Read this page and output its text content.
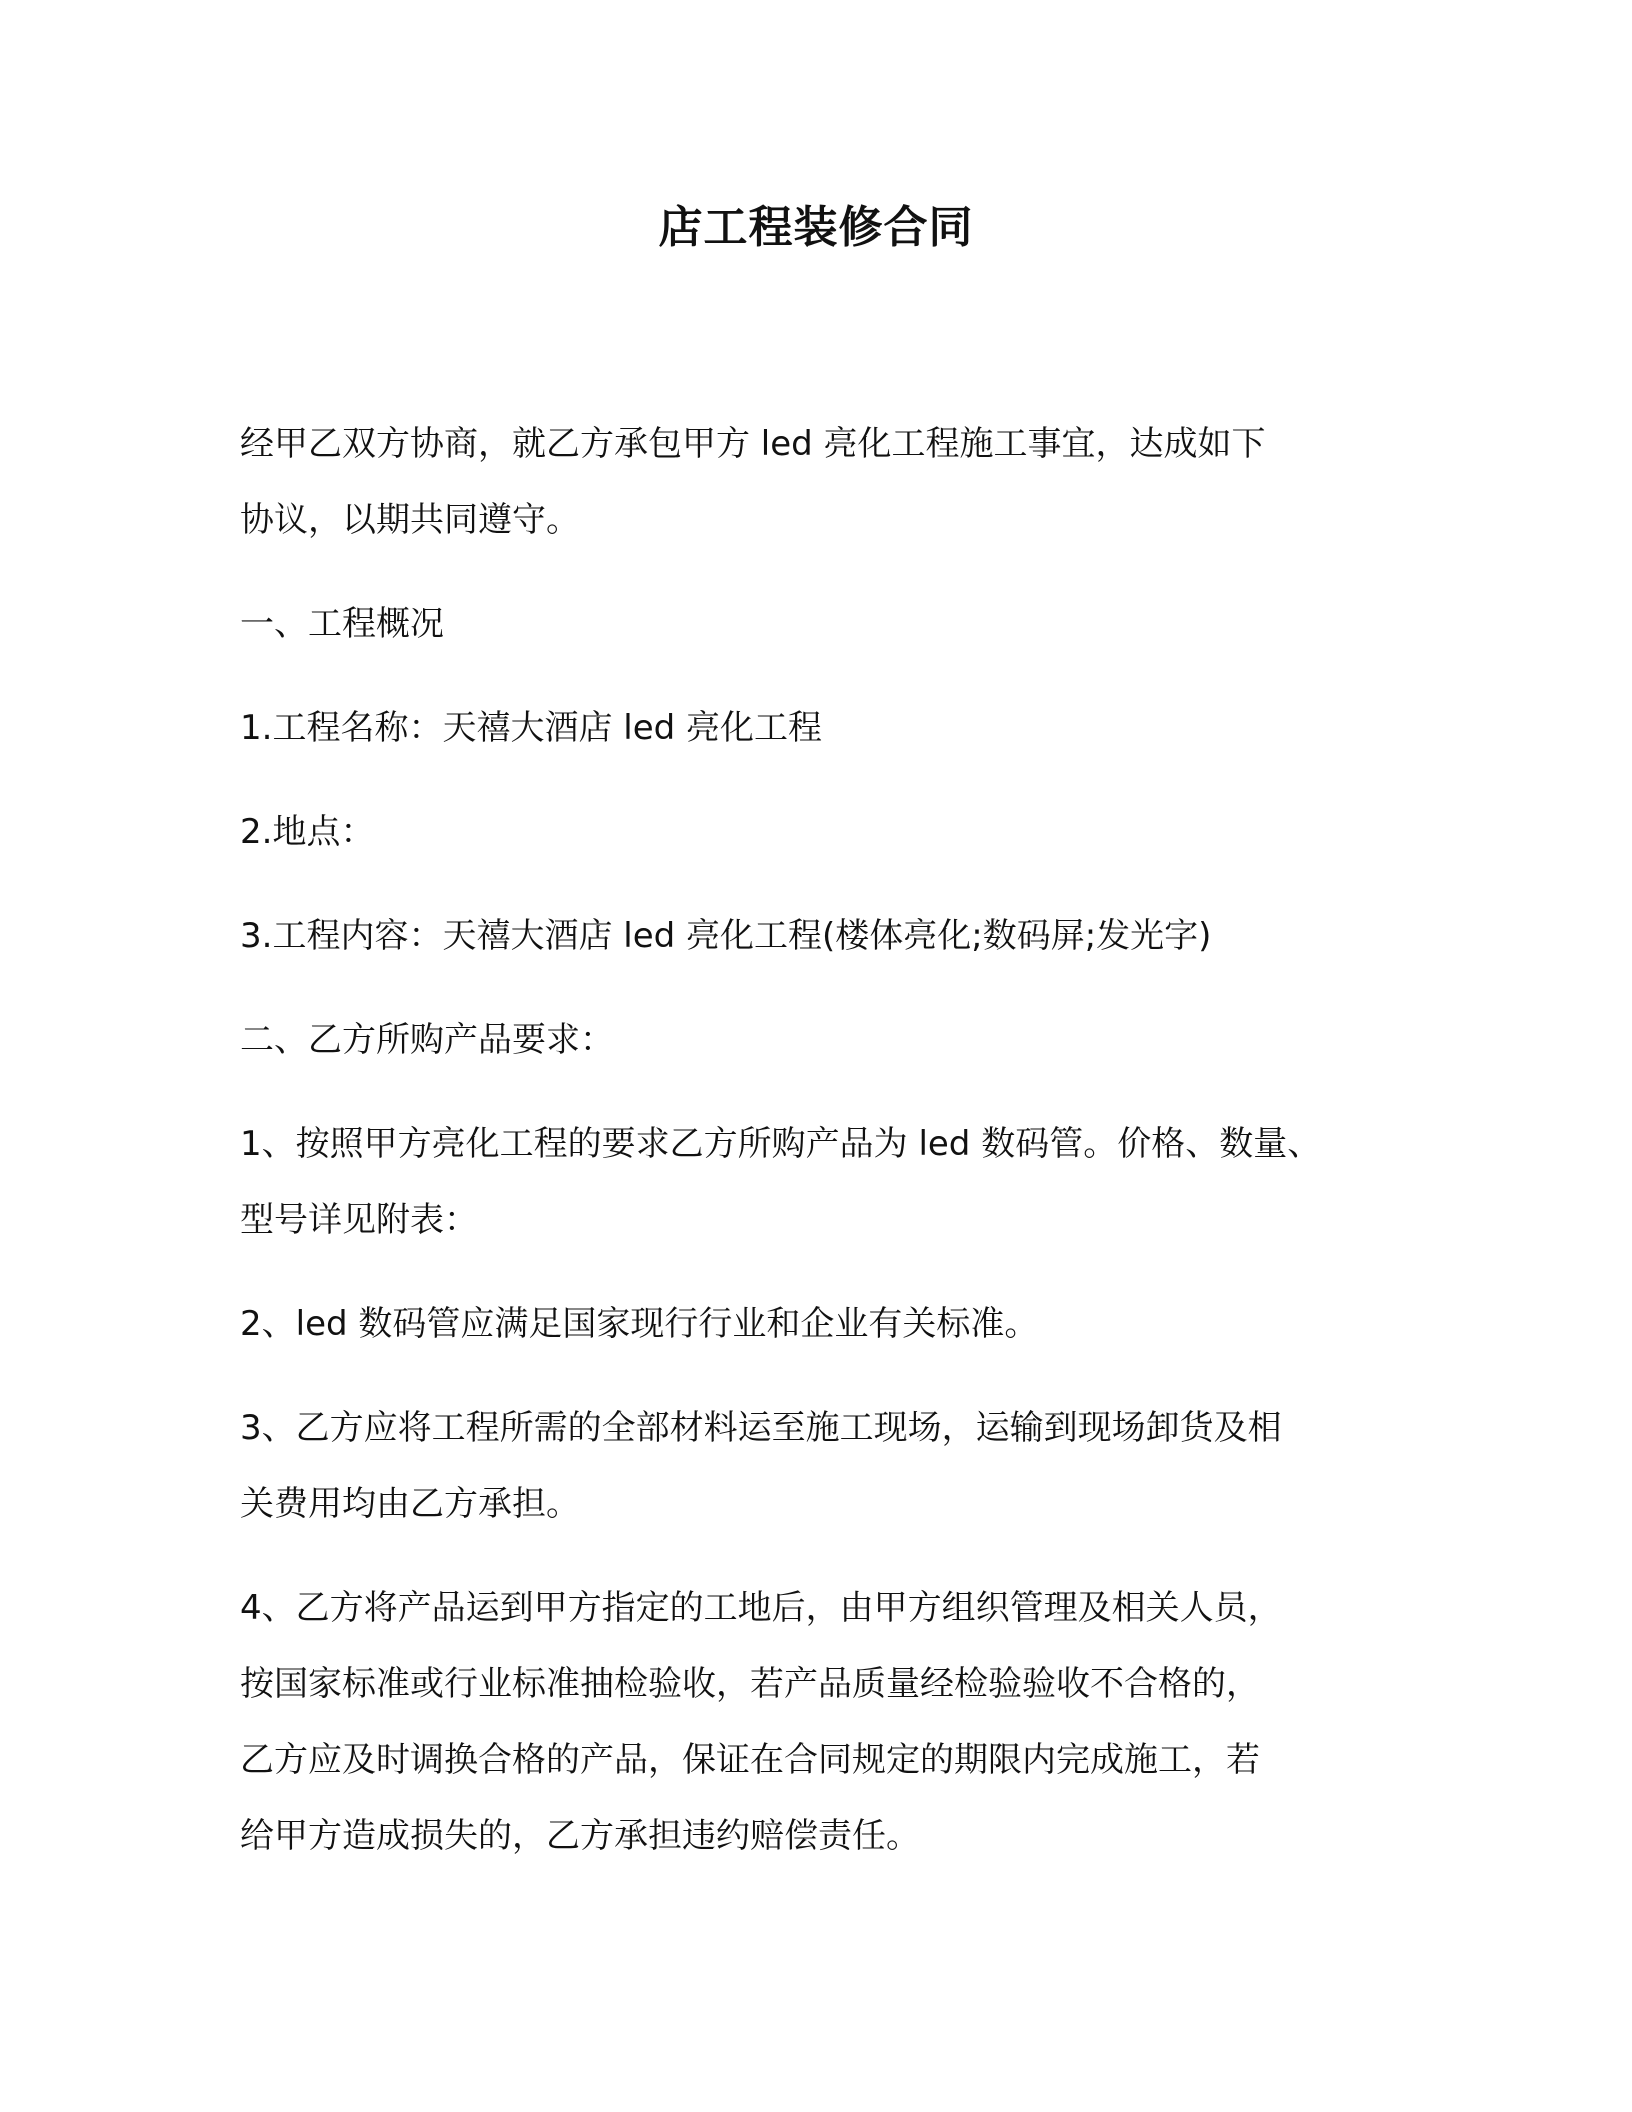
店工程装修合同
经甲乙双方协商，就乙方承包甲方 led 亮化工程施工事宜，达成如下
协议，以期共同遵守。
一、工程概况
1.工程名称：天禧大酒店 led 亮化工程
2.地点：
3.工程内容：天禧大酒店 led 亮化工程(楼体亮化;数码屏;发光字)
二、乙方所购产品要求：
1、按照甲方亮化工程的要求乙方所购产品为 led 数码管。价格、数量、
型号详见附表：
2、led 数码管应满足国家现行行业和企业有关标准。
3、乙方应将工程所需的全部材料运至施工现场，运输到现场卸货及相
关费用均由乙方承担。
4、乙方将产品运到甲方指定的工地后，由甲方组织管理及相关人员，
按国家标准或行业标准抽检验收，若产品质量经检验验收不合格的，
乙方应及时调换合格的产品，保证在合同规定的期限内完成施工，若
给甲方造成损失的，乙方承担违约赔偿责任。
